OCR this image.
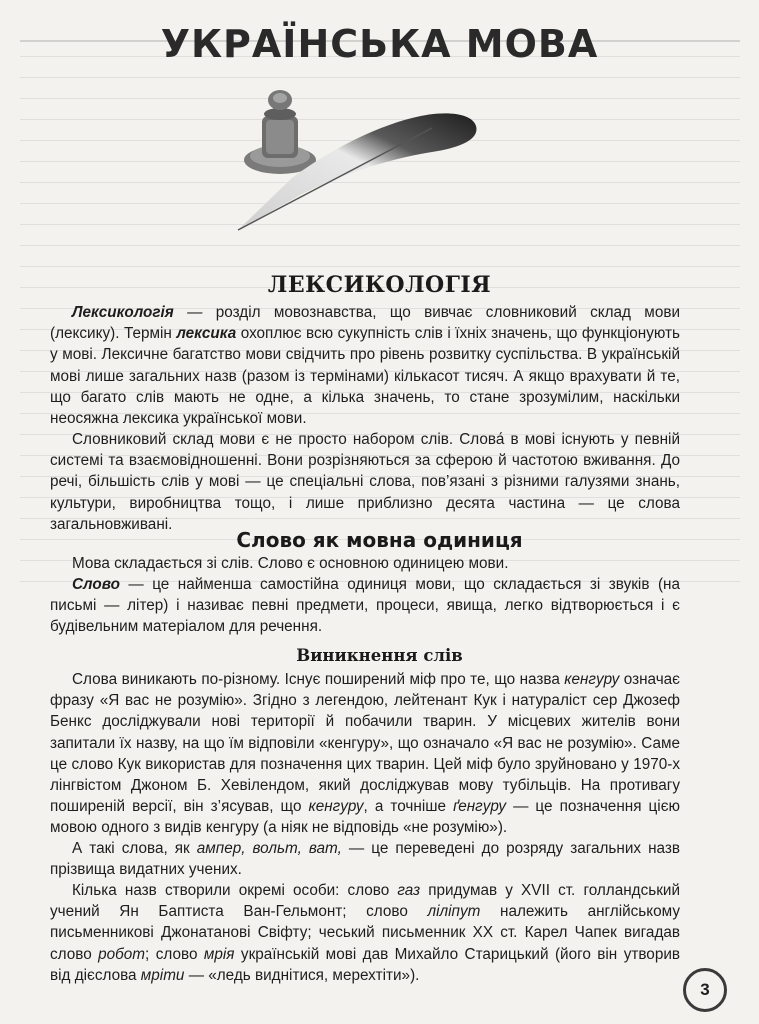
УКРАЇНСЬКА МОВА
ЛЕКСИКОЛОГІЯ

Лексикологія — розділ мовознавства, що вивчає словниковий склад мови (лексику). Термін лексика охоплює всю сукупність слів і їхніх значень, що функціонують у мові. Лексичне багатство мови свідчить про рівень розвитку суспільства. В українській мові лише загальних назв (разом із термінами) кількасот тисяч. А якщо врахувати й те, що багато слів мають не одне, а кілька значень, то стане зрозумілим, наскільки неосяжна лексика української мови.

Словниковий склад мови є не просто набором слів. Слова́ в мові існують у певній системі та взаємовідношенні. Вони розрізняються за сферою й частотою вживання. До речі, більшість слів у мові — це спеціальні слова, пов’язані з різними галузями знань, культури, виробництва тощо, і лише приблизно десята частина — це слова загальновживані.

Слово як мовна одиниця

Мова складається зі слів. Слово є основною одиницею мови.

Слово — це найменша самостійна одиниця мови, що складається зі звуків (на письмі — літер) і називає певні предмети, процеси, явища, легко відтворюється і є будівельним матеріалом для речення.

Виникнення слів

Слова виникають по-різному. Існує поширений міф про те, що назва кенгуру означає фразу «Я вас не розумію». Згідно з легендою, лейтенант Кук і натураліст сер Джозеф Бенкс досліджували нові території й побачили тварин. У місцевих жителів вони запитали їх назву, на що їм відповіли «кенгуру», що означало «Я вас не розумію». Саме це слово Кук використав для позначення цих тварин. Цей міф було зруйновано у 1970-х лінгвістом Джоном Б. Хевілендом, який досліджував мову тубільців. На противагу поширеній версії, він з’ясував, що кенгуру, а точніше ґенгуру — це позначення цією мовою одного з видів кенгуру (а ніяк не відповідь «не розумію»).

А такі слова, як ампер, вольт, ват, — це переведені до розряду загальних назв прізвища видатних учених.

Кілька назв створили окремі особи: слово газ придумав у XVII ст. голландський учений Ян Баптиста Ван-Гельмонт; слово ліліпут належить англійському письменникові Джонатанові Свіфту; чеський письменник XX ст. Карел Чапек вигадав слово робот; слово мрія українській мові дав Михайло Старицький (його він утворив від дієслова мріти — «ледь виднітися, мерехтіти»).

3
